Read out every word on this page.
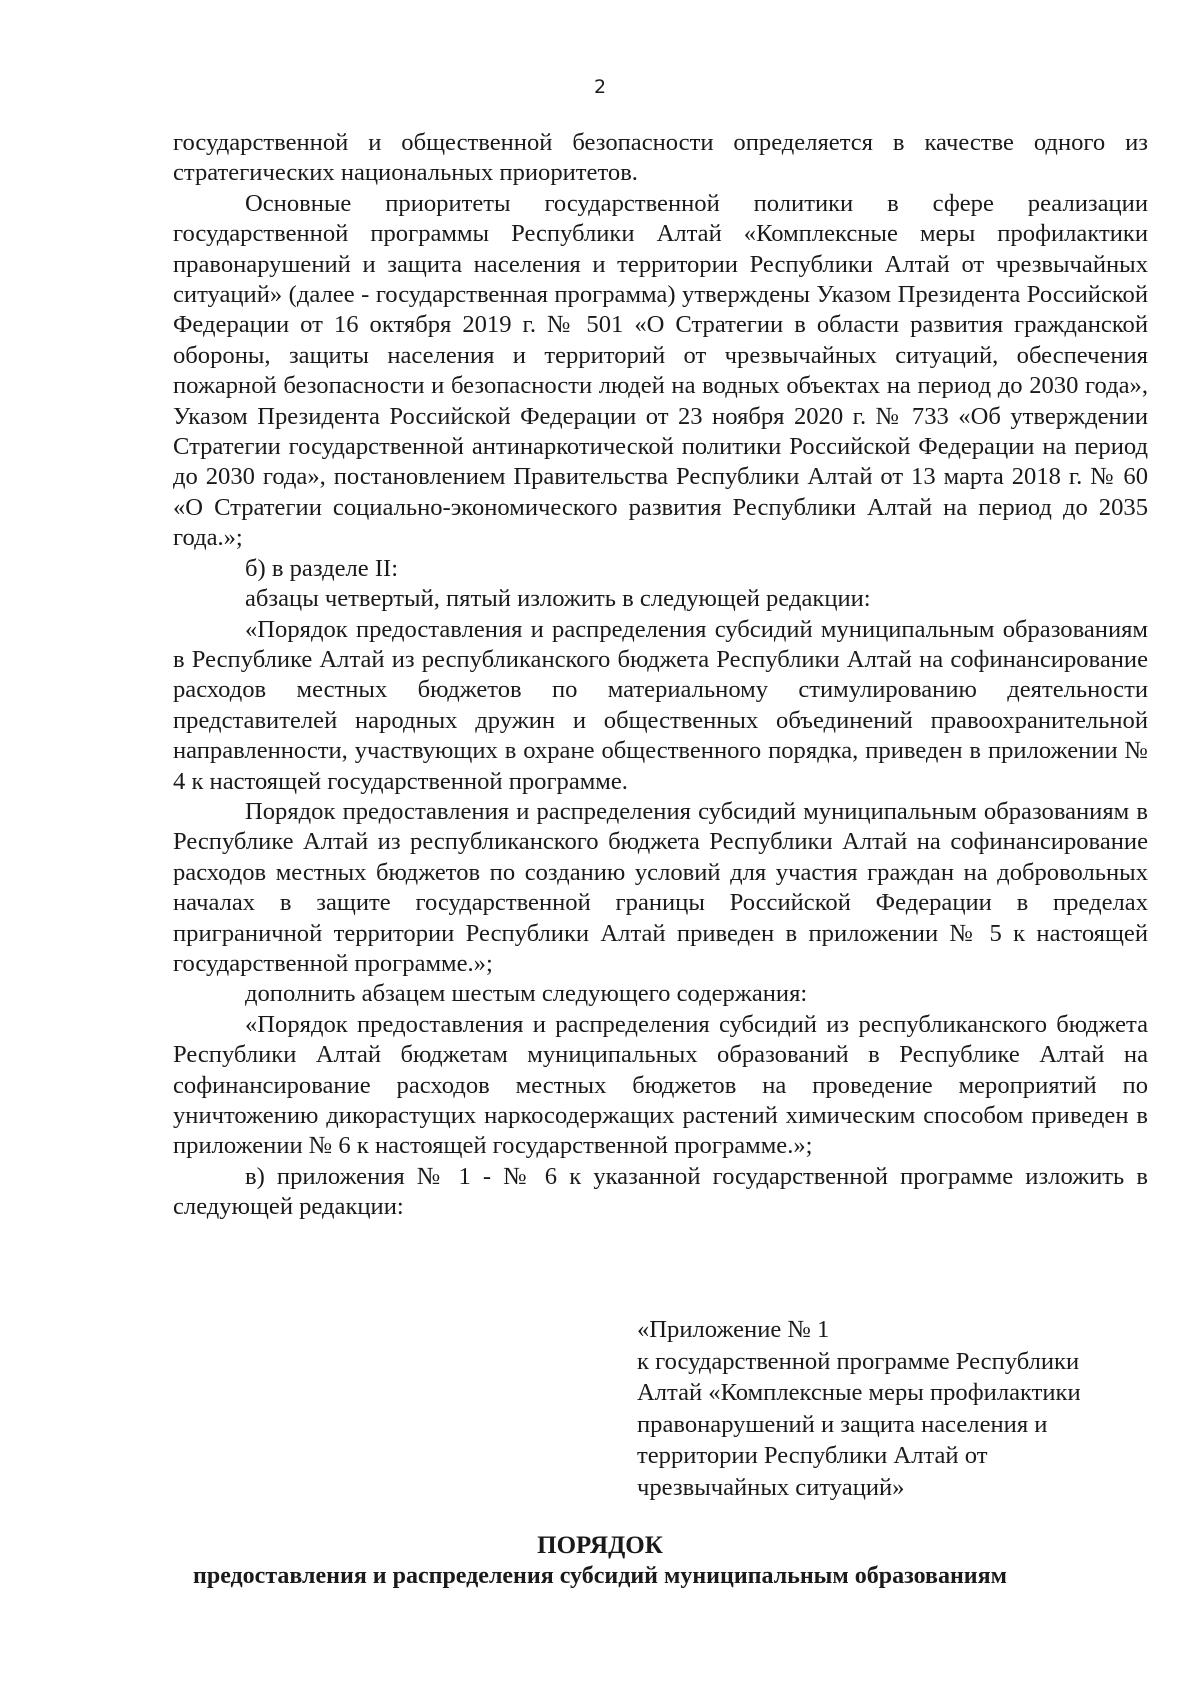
2

государственной и общественной безопасности определяется в качестве одного из стратегических национальных приоритетов.

Основные приоритеты государственной политики в сфере реализации государственной программы Республики Алтай «Комплексные меры профилактики правонарушений и защита населения и территории Республики Алтай от чрезвычайных ситуаций» (далее - государственная программа) утверждены Указом Президента Российской Федерации от 16 октября 2019 г. № 501 «О Стратегии в области развития гражданской обороны, защиты населения и территорий от чрезвычайных ситуаций, обеспечения пожарной безопасности и безопасности людей на водных объектах на период до 2030 года», Указом Президента Российской Федерации от 23 ноября 2020 г. № 733 «Об утверждении Стратегии государственной антинаркотической политики Российской Федерации на период до 2030 года», постановлением Правительства Республики Алтай от 13 марта 2018 г. № 60 «О Стратегии социально-экономического развития Республики Алтай на период до 2035 года.»;

б) в разделе II:

абзацы четвертый, пятый изложить в следующей редакции:

«Порядок предоставления и распределения субсидий муниципальным образованиям в Республике Алтай из республиканского бюджета Республики Алтай на софинансирование расходов местных бюджетов по материальному стимулированию деятельности представителей народных дружин и общественных объединений правоохранительной направленности, участвующих в охране общественного порядка, приведен в приложении № 4 к настоящей государственной программе.

Порядок предоставления и распределения субсидий муниципальным образованиям в Республике Алтай из республиканского бюджета Республики Алтай на софинансирование расходов местных бюджетов по созданию условий для участия граждан на добровольных началах в защите государственной границы Российской Федерации в пределах приграничной территории Республики Алтай приведен в приложении № 5 к настоящей государственной программе.»;

дополнить абзацем шестым следующего содержания:

«Порядок предоставления и распределения субсидий из республиканского бюджета Республики Алтай бюджетам муниципальных образований в Республике Алтай на софинансирование расходов местных бюджетов на проведение мероприятий по уничтожению дикорастущих наркосодержащих растений химическим способом приведен в приложении № 6 к настоящей государственной программе.»;

в) приложения № 1 - № 6 к указанной государственной программе изложить в следующей редакции:

«Приложение № 1
к государственной программе Республики
Алтай «Комплексные меры профилактики
правонарушений и защита населения и
территории Республики Алтай от
чрезвычайных ситуаций»
ПОРЯДОК
предоставления и распределения субсидий муниципальным образованиям
